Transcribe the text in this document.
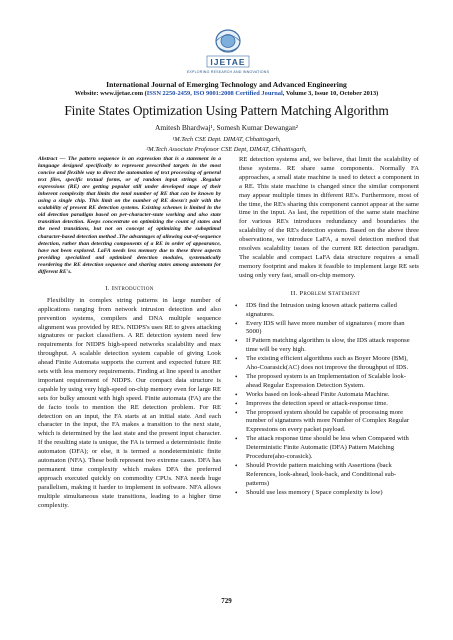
IJETAE
EXPLORING RESEARCH AND INNOVATIONS
International Journal of Emerging Technology and Advanced Engineering
Website: www.ijetae.com (ISSN 2250-2459, ISO 9001:2008 Certified Journal, Volume 3, Issue 10, October 2013)
Finite States Optimization Using Pattern Matching Algorithm
Amitesh Bhardwaj¹, Somesh Kumar Dewangan²
¹M.Tech CSE Dept. DIMAT, Chhattisgarh,
²M.Tech Associate Professor CSE Dept, DIMAT, Chhattisgarh,

Abstract — The pattern sequence is an expression that is a statement in a language designed specifically to represent prescribed targets in the most concise and flexible way to direct the automation of text processing of general text files, specific textual forms, or of random input strings .Regular expressions (RE) are getting popular still under developed stage of their inherent complexity that limits the total number of RE that can be known by using a single chip. This limit on the number of RE doesn't pair with the scalability of present RE detection systems. Existing schemes is limited in the old detection paradigm based on per-character-state working and also state transition detection. Keeps concentrate on optimizing the count of states and the need transitions, but not on concept of optimizing the suboptimal character-based detection method .The advantages of allowing out-of-sequence detection, rather than detecting components of a RE in order of appearance, have not been explored. LaFA needs less memory due to these three aspects providing specialized and optimized detection modules, systematically reordering the RE detection sequence and sharing states among automata for different RE's.

I. Introduction

Flexibility in complex string patterns in large number of applications ranging from network intrusion detection and also prevention systems, compilers and DNA multiple sequence alignment was provided by RE's. NIDPS's uses RE to gives attacking signatures or packet classifiers. A RE detection system need few requirements for NIDPS high-speed networks scalability and max throughput. A scalable detection system capable of giving Look ahead Finite Automata supports the current and expected future RE sets with less memory requirements. Finding at line speed is another important requirement of NIDPS. Our compact data structure is capable by using very high-speed on-chip memory even for large RE sets for bulky amount with high speed. Finite automata (FA) are the de facto tools to mention the RE detection problem. For RE detection on an input, the FA starts at an initial state. And each character in the input, the FA makes a transition to the next state, which is determined by the last state and the present input character. If the resulting state is unique, the FA is termed a deterministic finite automaton (DFA); or else, it is termed a nondeterministic finite automaton (NFA). These both represent two extreme cases. DFA has permanent time complexity which makes DFA the preferred approach executed quickly on commodity CPUs. NFA needs huge parallelism, making it harder to implement in software. NFA allows multiple simultaneous state transitions, leading to a higher time complexity.

RE detection systems and, we believe, that limit the scalability of these systems. RE share same components. Normally FA approaches, a small state machine is used to detect a component in a RE. This state machine is changed since the similar component may appear multiple times in different RE's. Furthermore, most of the time, the RE's sharing this component cannot appear at the same time in the input. As last, the repetition of the same state machine for various RE's introduces redundancy and boundaries the scalability of the RE's detection system. Based on the above three observations, we introduce LaFA, a novel detection method that resolves scalability issues of the current RE detection paradigm. The scalable and compact LaFA data structure requires a small memory footprint and makes it feasible to implement large RE sets using only very fast, small on-chip memory.

II. Problem Statement
• IDS find the Intrusion using known attack patterns called signatures.
• Every IDS will have more number of signatures ( more than 5000)
• If Pattern matching algorithm is slow, the IDS attack response time will be very high.
• The existing efficient algorithms such as Boyer Moore (BM), Aho-Coarasick(AC) does not improve the throughput of IDS.
• The proposed system is an Implementation of Scalable look-ahead Regular Expression Detection System.
• Works based on look-ahead Finite Automata Machine.
• Improves the detection speed or attack-response time.
• The proposed system should be capable of processing more number of signatures with more Number of Complex Regular Expressions on every packet payload.
• The attack response time should be less when Compared with Deterministic Finite Automatic (DFA) Pattern Matching Procedure(aho-corasick).
• Should Provide pattern matching with Assertions (back References, look-ahead, look-back, and Conditional sub-patterns)
• Should use less memory ( Space complexity is low)
729
